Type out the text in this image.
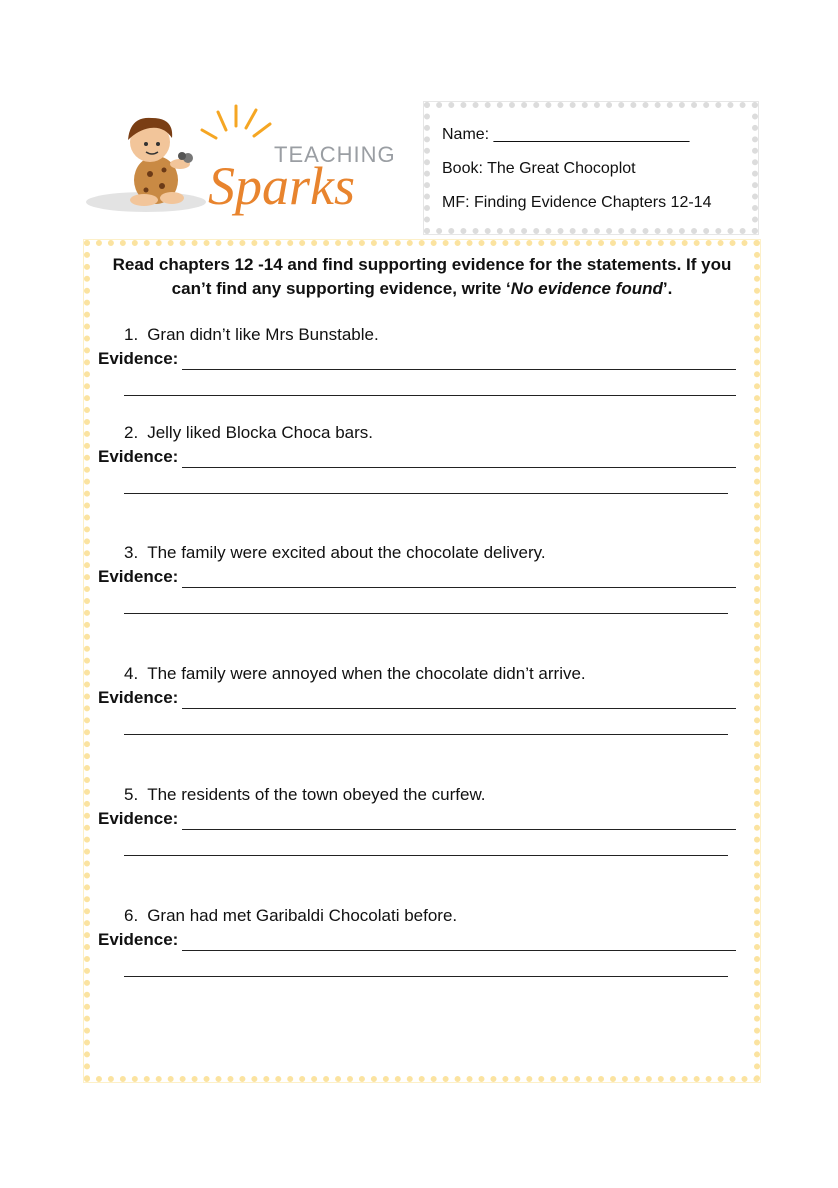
TEACHING
Sparks
Name: ______________________
Book: The Great Chocoplot
MF: Finding Evidence Chapters 12-14
Read chapters 12 -14 and find supporting evidence for the statements. If you
can’t find any supporting evidence, write ‘No evidence found’.
1. Gran didn’t like Mrs Bunstable.
Evidence:
2. Jelly liked Blocka Choca bars.
Evidence:
3. The family were excited about the chocolate delivery.
Evidence:
4. The family were annoyed when the chocolate didn’t arrive.
Evidence:
5. The residents of the town obeyed the curfew.
Evidence:
6. Gran had met Garibaldi Chocolati before.
Evidence:
